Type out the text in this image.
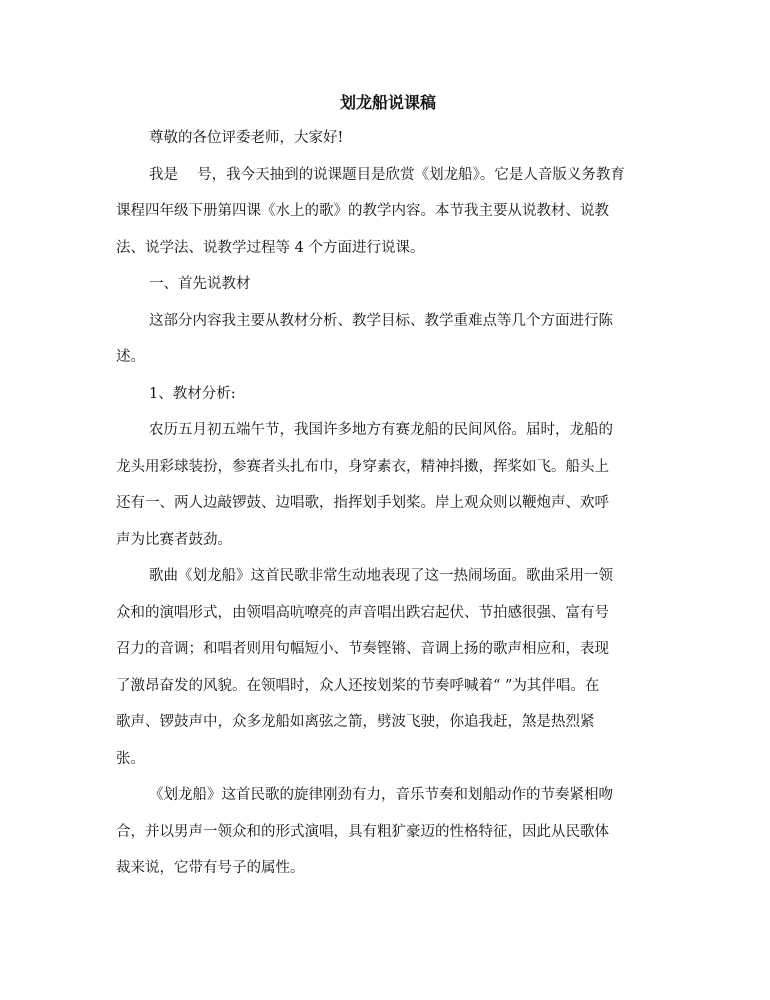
划龙船说课稿
尊敬的各位评委老师，大家好!
我是　 号，我今天抽到的说课题目是欣赏《划龙船》。它是人音版义务教育
课程四年级下册第四课《水上的歌》的教学内容。本节我主要从说教材、说教
法、说学法、说教学过程等 4 个方面进行说课。
一、首先说教材
这部分内容我主要从教材分析、教学目标、教学重难点等几个方面进行陈
述。
1、教材分析:
农历五月初五端午节，我国许多地方有赛龙船的民间风俗。届时，龙船的
龙头用彩球装扮，参赛者头扎布巾，身穿素衣，精神抖擞，挥桨如飞。船头上
还有一、两人边敲锣鼓、边唱歌，指挥划手划桨。岸上观众则以鞭炮声、欢呼
声为比赛者鼓劲。
歌曲《划龙船》这首民歌非常生动地表现了这一热闹场面。歌曲采用一领
众和的演唱形式，由领唱高吭嘹亮的声音唱出跌宕起伏、节拍感很强、富有号
召力的音调；和唱者则用句幅短小、节奏铿锵、音调上扬的歌声相应和，表现
了激昂奋发的风貌。在领唱时，众人还按划桨的节奏呼喊着“ ”为其伴唱。在
歌声、锣鼓声中，众多龙船如离弦之箭，劈波飞驶，你追我赶，煞是热烈紧
张。
《划龙船》这首民歌的旋律刚劲有力，音乐节奏和划船动作的节奏紧相吻
合，并以男声一领众和的形式演唱，具有粗犷豪迈的性格特征，因此从民歌体
裁来说，它带有号子的属性。
